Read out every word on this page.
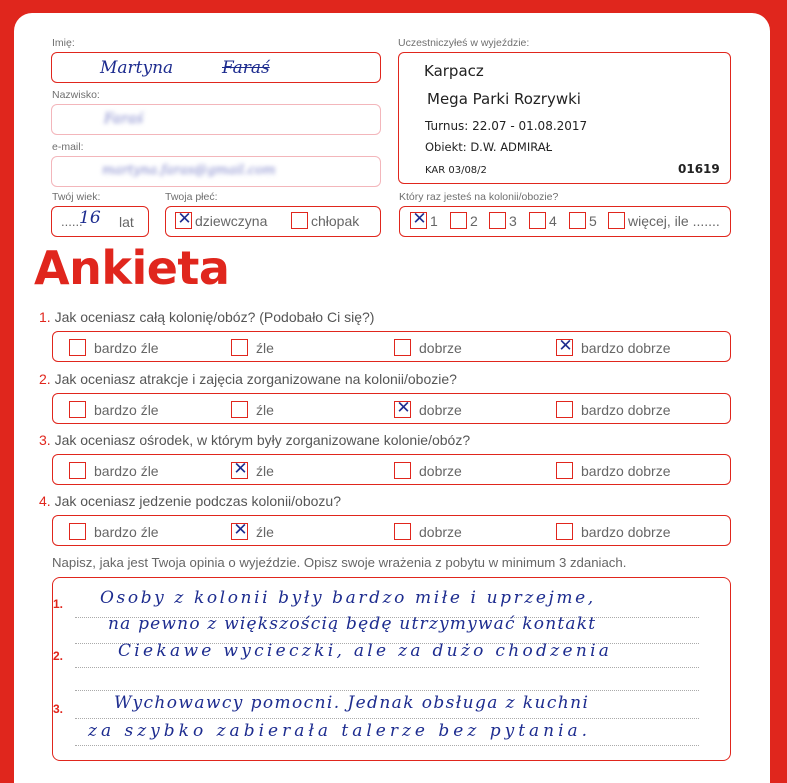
Imię:
Martyna	Faraś
Nazwisko:
Faraś
e-mail:
martyna.faras@gmail.com
Uczestniczyłeś w wyjeździe:
Karpacz
Mega Parki Rozrywki
Turnus: 22.07 - 01.08.2017
Obiekt: D.W. ADMIRAŁ
KAR 03/08/2	01619
Twój wiek:
......
16 lat
Twoja płeć:
✕
dziewczyna	chłopak
Który raz jesteś na kolonii/obozie?
✕
1 2 3 4 5 więcej, ile .......
Ankieta
1. Jak oceniasz całą kolonię/obóz? (Podobało Ci się?)
bardzo źle	źle	dobrze ✕	bardzo dobrze
2. Jak oceniasz atrakcje i zajęcia zorganizowane na kolonii/obozie?
bardzo źle	źle ✕	dobrze	bardzo dobrze
3. Jak oceniasz ośrodek, w którym były zorganizowane kolonie/obóz?
bardzo źle ✕	źle	dobrze	bardzo dobrze
4. Jak oceniasz jedzenie podczas kolonii/obozu?
bardzo źle ✕	źle	dobrze	bardzo dobrze
Napisz, jaka jest Twoja opinia o wyjeździe. Opisz swoje wrażenia z pobytu w minimum 3 zdaniach.
1.
2.
3.
Osoby z kolonii były bardzo miłe i uprzejme,
na pewno z większością będę utrzymywać kontakt
Ciekawe wycieczki, ale za dużo chodzenia
Wychowawcy pomocni. Jednak obsługa z kuchni
za szybko zabierała talerze bez pytania.
